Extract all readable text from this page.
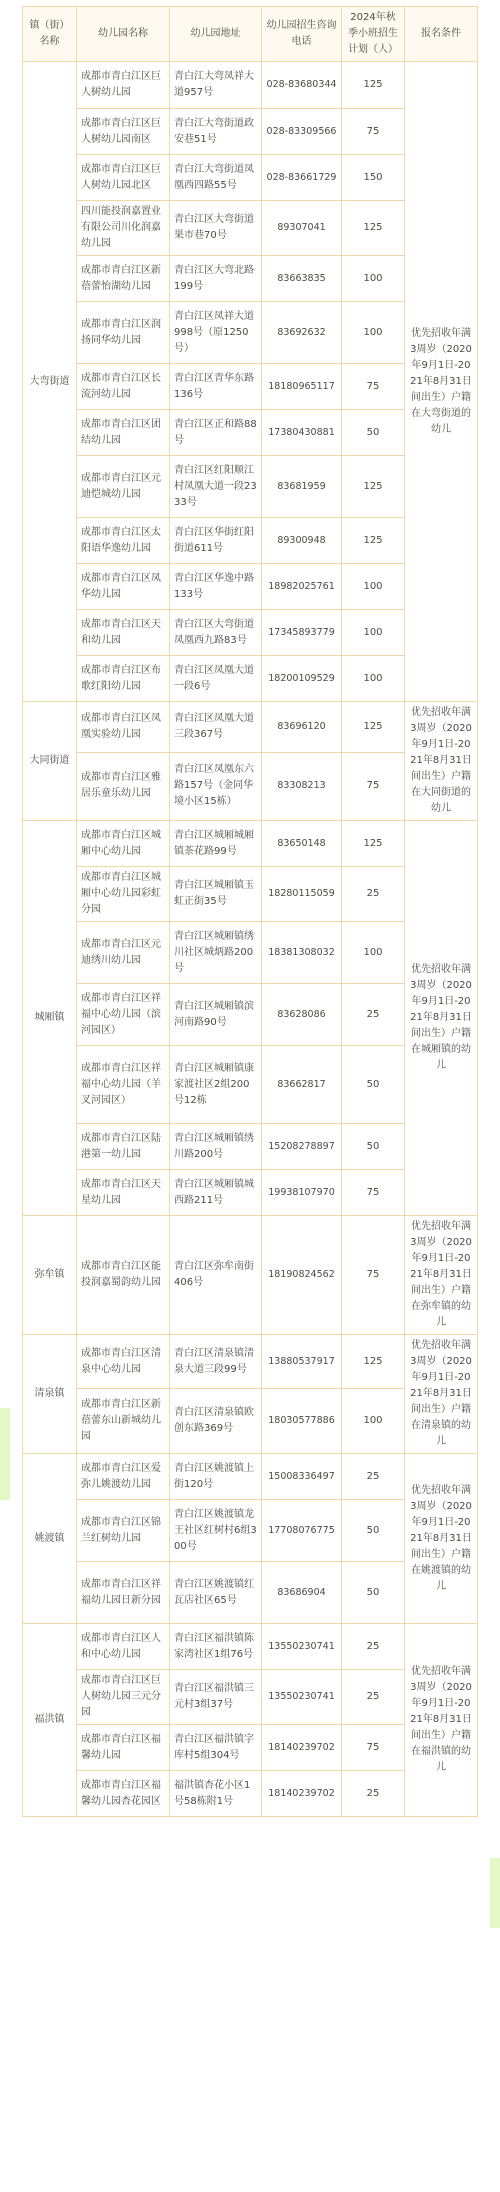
镇（街）名称	幼儿园名称	幼儿园地址	幼儿园招生咨询电话	2024年秋季小班招生计划（人）	报名条件
大弯街道	成都市青白江区巨人树幼儿园	青白江大弯凤祥大道957号	028-83680344	125	优先招收年满3周岁（2020年9月1日-2021年8月31日间出生）户籍在大弯街道的幼儿
	成都市青白江区巨人树幼儿园南区	青白江大弯街道政安巷51号	028-83309566	75	
	成都市青白江区巨人树幼儿园北区	青白江大弯街道凤凰西四路55号	028-83661729	150	
	四川能投润嘉置业有限公司川化润嘉幼儿园	青白江区大弯街道果市巷70号	89307041	125	
	成都市青白江区新蓓蕾怡湖幼儿园	青白江区大弯北路199号	83663835	100	
	成都市青白江区润扬同华幼儿园	青白江区凤祥大道998号（原1250号）	83692632	100	
	成都市青白江区长流河幼儿园	青白江区青华东路136号	18180965117	75	
	成都市青白江区团结幼儿园	青白江区正和路88号	17380430881	50	
	成都市青白江区元迪恺城幼儿园	青白江区红阳顺江村凤凰大道一段2333号	83681959	125	
	成都市青白江区太阳语华逸幼儿园	青白江区华街红阳街道611号	89300948	125	
	成都市青白江区凤华幼儿园	青白江区华逸中路133号	18982025761	100	
	成都市青白江区天和幼儿园	青白江区大弯街道凤凰西九路83号	17345893779	100	
	成都市青白江区布歌红阳幼儿园	青白江区凤凰大道一段6号	18200109529	100	
大同街道	成都市青白江区凤凰实验幼儿园	青白江区凤凰大道三段367号	83696120	125	优先招收年满3周岁（2020年9月1日-2021年8月31日间出生）户籍在大同街道的幼儿
	成都市青白江区雅居乐童乐幼儿园	青白江区凤凰东六路157号（金同华境小区15栋）	83308213	75	
城厢镇	成都市青白江区城厢中心幼儿园	青白江区城厢城厢镇茶花路99号	83650148	125	优先招收年满3周岁（2020年9月1日-2021年8月31日间出生）户籍在城厢镇的幼儿
	成都市青白江区城厢中心幼儿园彩虹分园	青白江区城厢镇玉虹正街35号	18280115059	25	
	成都市青白江区元迪绣川幼儿园	青白江区城厢镇绣川社区城炳路200号	18381308032	100	
	成都市青白江区祥福中心幼儿园（滨河园区）	青白江区城厢镇滨河南路90号	83628086	25	
	成都市青白江区祥福中心幼儿园（羊叉河园区）	青白江区城厢镇康家渡社区2组200号12栋	83662817	50	
	成都市青白江区陆港第一幼儿园	青白江区城厢镇绣川路200号	15208278897	50	
	成都市青白江区天星幼儿园	青白江区城厢镇城西路211号	19938107970	75	
弥牟镇	成都市青白江区能投润嘉蜀韵幼儿园	青白江区弥牟南街406号	18190824562	75	优先招收年满3周岁（2020年9月1日-2021年8月31日间出生）户籍在弥牟镇的幼儿
清泉镇	成都市青白江区清泉中心幼儿园	青白江区清泉镇清泉大道三段99号	13880537917	125	优先招收年满3周岁（2020年9月1日-2021年8月31日间出生）户籍在清泉镇的幼儿
	成都市青白江区新蓓蕾东山新城幼儿园	青白江区清泉镇欧创东路369号	18030577886	100	
姚渡镇	成都市青白江区爱弥儿姚渡幼儿园	青白江区姚渡镇上街120号	15008336497	25	优先招收年满3周岁（2020年9月1日-2021年8月31日间出生）户籍在姚渡镇的幼儿
	成都市青白江区锦兰红树幼儿园	青白江区姚渡镇龙王社区红树村6组300号	17708076775	50	
	成都市青白江区祥福幼儿园日新分园	青白江区姚渡镇红瓦店社区65号	83686904	50	
福洪镇	成都市青白江区人和中心幼儿园	青白江区福洪镇陈家湾社区1组76号	13550230741	25	优先招收年满3周岁（2020年9月1日-2021年8月31日间出生）户籍在福洪镇的幼儿
	成都市青白江区巨人树幼儿园三元分园	青白江区福洪镇三元村3组37号	13550230741	25	
	成都市青白江区福馨幼儿园	青白江区福洪镇字库村5组304号	18140239702	75	
	成都市青白江区福馨幼儿园杏花园区	福洪镇杏花小区1号58栋附1号	18140239702	25	
